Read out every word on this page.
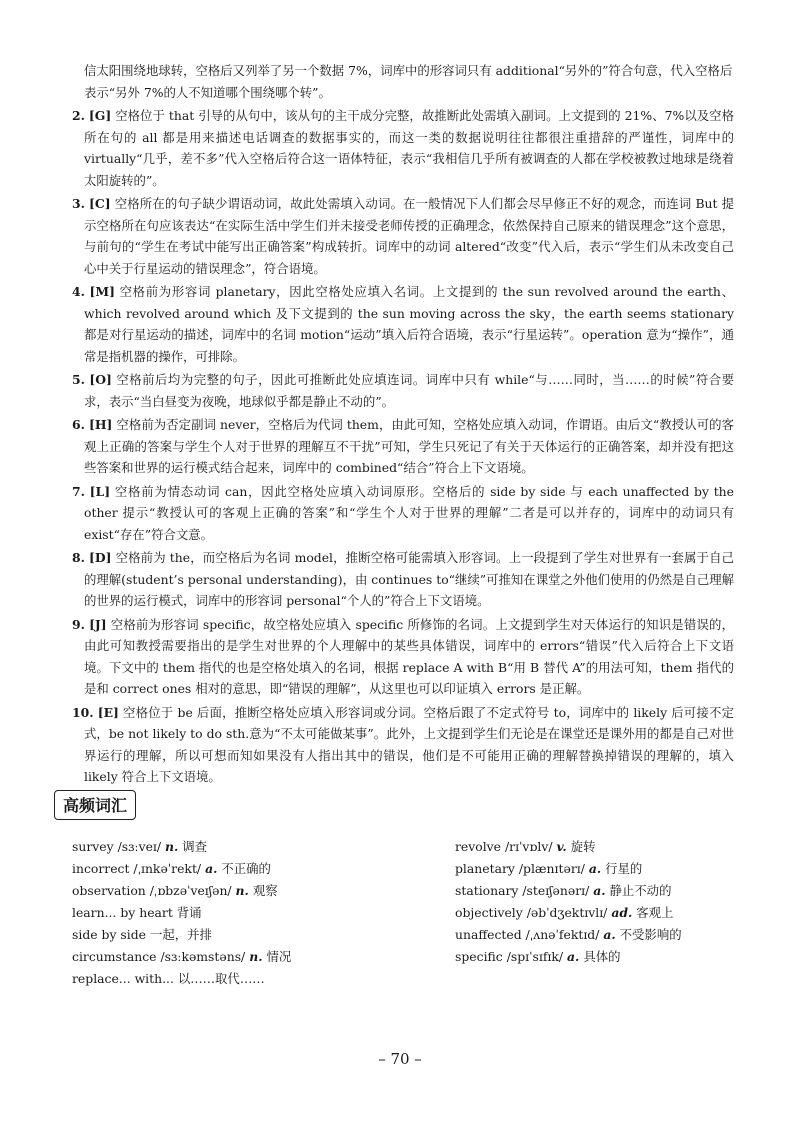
信太阳围绕地球转，空格后又列举了另一个数据 7%，词库中的形容词只有 additional“另外的”符合句意，代入空格后表示“另外 7%的人不知道哪个围绕哪个转”。

2. [G] 空格位于 that 引导的从句中，该从句的主干成分完整，故推断此处需填入副词。上文提到的 21%、7%以及空格所在句的 all 都是用来描述电话调查的数据事实的，而这一类的数据说明往往都很注重措辞的严谨性，词库中的 virtually“几乎，差不多”代入空格后符合这一语体特征，表示“我相信几乎所有被调查的人都在学校被教过地球是绕着太阳旋转的”。

3. [C] 空格所在的句子缺少谓语动词，故此处需填入动词。在一般情况下人们都会尽早修正不好的观念，而连词 But 提示空格所在句应该表达“在实际生活中学生们并未接受老师传授的正确理念，依然保持自己原来的错误理念”这个意思，与前句的“学生在考试中能写出正确答案”构成转折。词库中的动词 altered“改变”代入后，表示“学生们从未改变自己心中关于行星运动的错误理念”，符合语境。

4. [M] 空格前为形容词 planetary，因此空格处应填入名词。上文提到的 the sun revolved around the earth、which revolved around which 及下文提到的 the sun moving across the sky，the earth seems stationary 都是对行星运动的描述，词库中的名词 motion“运动”填入后符合语境，表示“行星运转”。operation 意为“操作”，通常是指机器的操作，可排除。

5. [O] 空格前后均为完整的句子，因此可推断此处应填连词。词库中只有 while“与……同时，当……的时候”符合要求，表示“当白昼变为夜晚，地球似乎都是静止不动的”。

6. [H] 空格前为否定副词 never，空格后为代词 them，由此可知，空格处应填入动词，作谓语。由后文“教授认可的客观上正确的答案与学生个人对于世界的理解互不干扰”可知，学生只死记了有关于天体运行的正确答案，却并没有把这些答案和世界的运行模式结合起来，词库中的 combined“结合”符合上下文语境。

7. [L] 空格前为情态动词 can，因此空格处应填入动词原形。空格后的 side by side 与 each unaffected by the other 提示“教授认可的客观上正确的答案”和“学生个人对于世界的理解”二者是可以并存的，词库中的动词只有 exist“存在”符合文意。

8. [D] 空格前为 the，而空格后为名词 model，推断空格可能需填入形容词。上一段提到了学生对世界有一套属于自己的理解(student’s personal understanding)，由 continues to“继续”可推知在课堂之外他们使用的仍然是自己理解的世界的运行模式，词库中的形容词 personal“个人的”符合上下文语境。

9. [J] 空格前为形容词 specific，故空格处应填入 specific 所修饰的名词。上文提到学生对天体运行的知识是错误的，由此可知教授需要指出的是学生对世界的个人理解中的某些具体错误，词库中的 errors“错误”代入后符合上下文语境。下文中的 them 指代的也是空格处填入的名词，根据 replace A with B“用 B 替代 A”的用法可知，them 指代的是和 correct ones 相对的意思，即“错误的理解”，从这里也可以印证填入 errors 是正解。

10. [E] 空格位于 be 后面，推断空格处应填入形容词或分词。空格后跟了不定式符号 to，词库中的 likely 后可接不定式，be not likely to do sth.意为“不太可能做某事”。此外，上文提到学生们无论是在课堂还是课外用的都是自己对世界运行的理解，所以可想而知如果没有人指出其中的错误，他们是不可能用正确的理解替换掉错误的理解的，填入 likely 符合上下文语境。

高频词汇
survey /sɜːveɪ/ n. 调查
incorrect /ˌɪnkəˈrekt/ a. 不正确的
observation /ˌɒbzəˈveɪʃən/ n. 观察
learn... by heart 背诵
side by side 一起，并排
circumstance /sɜːkəmstəns/ n. 情况
replace... with... 以……取代……
revolve /rɪˈvɒlv/ v. 旋转
planetary /plænɪtərɪ/ a. 行星的
stationary /steɪʃənərɪ/ a. 静止不动的
objectively /əbˈdʒektɪvlɪ/ ad. 客观上
unaffected /ˌʌnəˈfektɪd/ a. 不受影响的
specific /spɪˈsɪfɪk/ a. 具体的
– 70 –
